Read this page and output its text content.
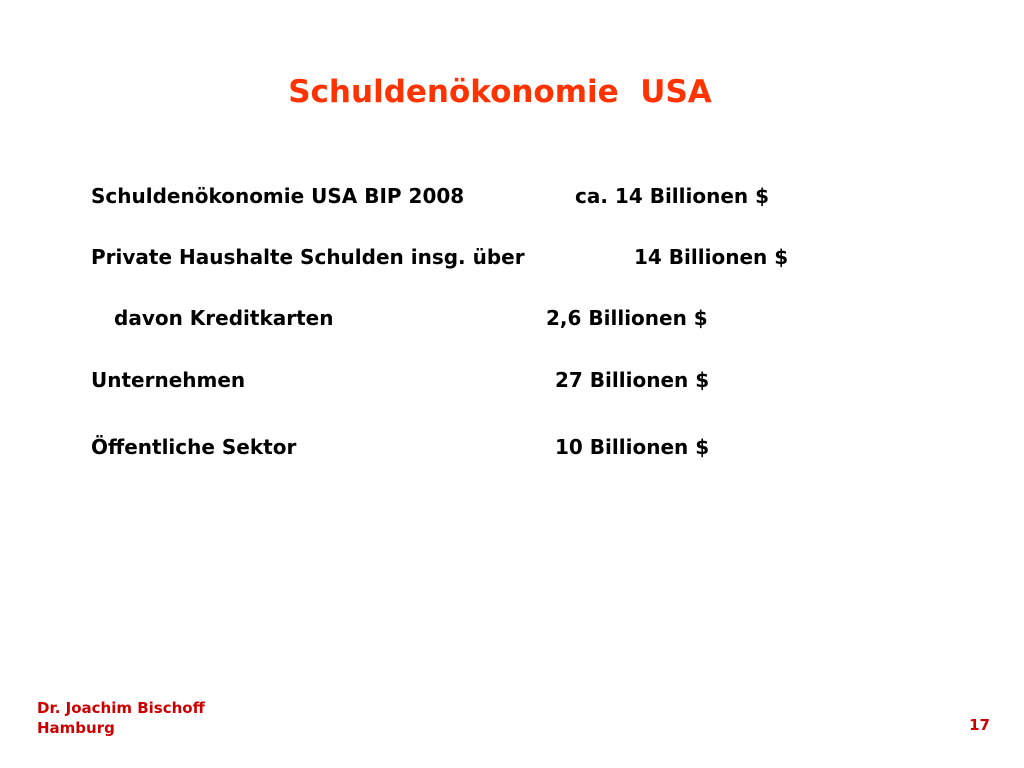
Schuldenökonomie  USA
Schuldenökonomie USA BIP 2008	ca. 14 Billionen $
Private Haushalte Schulden insg. über	14 Billionen $
davon Kreditkarten	2,6 Billionen $
Unternehmen	27 Billionen $
Öffentliche Sektor	10 Billionen $
Dr. Joachim Bischoff
Hamburg	17
